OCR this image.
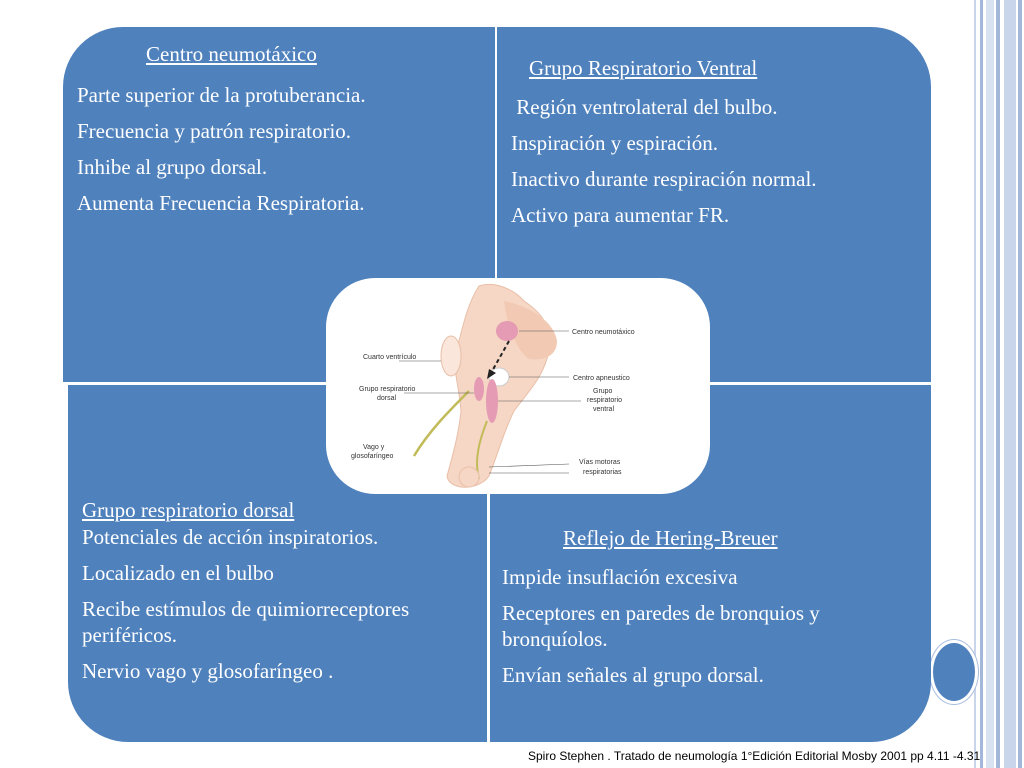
Centro neumotáxico

Parte superior de la protuberancia.

Frecuencia y patrón respiratorio.

Inhibe al grupo dorsal.

Aumenta Frecuencia Respiratoria.

Grupo Respiratorio Ventral

Región ventrolateral del bulbo.

Inspiración y espiración.

Inactivo durante respiración normal.

Activo para aumentar FR.

Grupo respiratorio dorsal

Potenciales de acción inspiratorios.

Localizado en el bulbo

Recibe estímulos de quimiorreceptores periféricos.

Nervio vago y glosofaríngeo .

Reflejo de Hering-Breuer

Impide insuflación excesiva

Receptores en paredes de bronquios y bronquíolos.

Envían señales al grupo dorsal.

Centro neumotáxico
Cuarto ventrículo
Centro apneustico
Grupo respiratorio
dorsal
Grupo
respiratorio
ventral
Vago y
glosofaríngeo
Vías motoras
respiratorias
Spiro Stephen . Tratado de neumología 1°Edición Editorial Mosby 2001 pp 4.11 -4.31
